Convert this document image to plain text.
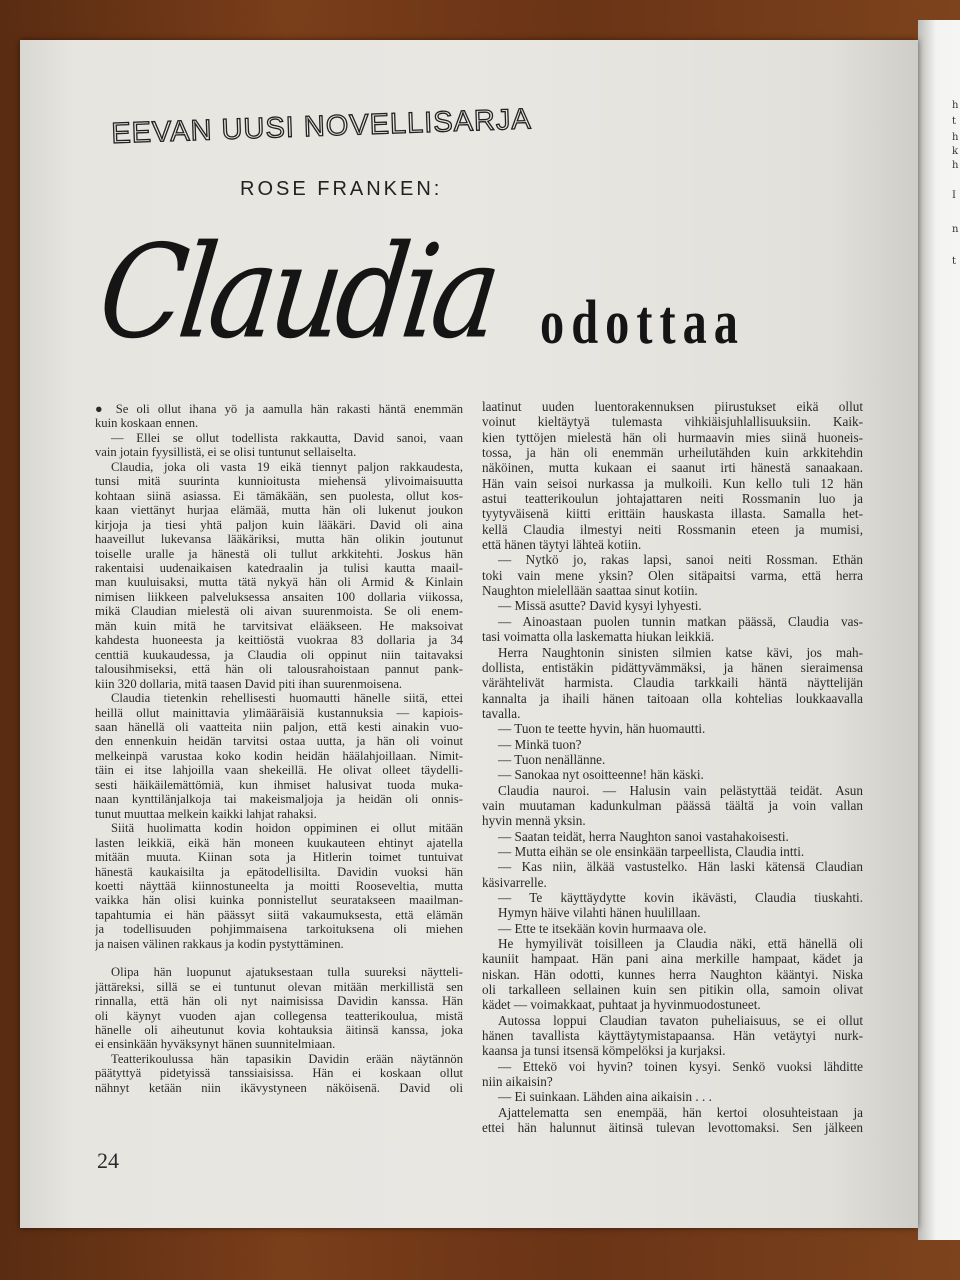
h
t
h
k
h
I
n
t
EEVAN UUSI NOVELLISARJA
ROSE FRANKEN:
Claudia odottaa
● Se oli ollut ihana yö ja aamulla hän rakasti häntä enemmän
kuin koskaan ennen.
— Ellei se ollut todellista rakkautta, David sanoi, vaan
vain jotain fyysillistä, ei se olisi tuntunut sellaiselta.
Claudia, joka oli vasta 19 eikä tiennyt paljon rakkaudesta,
tunsi mitä suurinta kunnioitusta miehensä ylivoimaisuutta
kohtaan siinä asiassa. Ei tämäkään, sen puolesta, ollut kos-
kaan viettänyt hurjaa elämää, mutta hän oli lukenut joukon
kirjoja ja tiesi yhtä paljon kuin lääkäri. David oli aina
haaveillut lukevansa lääkäriksi, mutta hän olikin joutunut
toiselle uralle ja hänestä oli tullut arkkitehti. Joskus hän
rakentaisi uudenaikaisen katedraalin ja tulisi kautta maail-
man kuuluisaksi, mutta tätä nykyä hän oli Armid & Kinlain
nimisen liikkeen palveluksessa ansaiten 100 dollaria viikossa,
mikä Claudian mielestä oli aivan suurenmoista. Se oli enem-
män kuin mitä he tarvitsivat elääkseen. He maksoivat
kahdesta huoneesta ja keittiöstä vuokraa 83 dollaria ja 34
centtiä kuukaudessa, ja Claudia oli oppinut niin taitavaksi
talousihmiseksi, että hän oli talousrahoistaan pannut pank-
kiin 320 dollaria, mitä taasen David piti ihan suurenmoisena.
Claudia tietenkin rehellisesti huomautti hänelle siitä, ettei
heillä ollut mainittavia ylimääräisiä kustannuksia — kapiois-
saan hänellä oli vaatteita niin paljon, että kesti ainakin vuo-
den ennenkuin heidän tarvitsi ostaa uutta, ja hän oli voinut
melkeinpä varustaa koko kodin heidän häälahjoillaan. Nimit-
täin ei itse lahjoilla vaan shekeillä. He olivat olleet täydelli-
sesti häikäilemättömiä, kun ihmiset halusivat tuoda muka-
naan kynttilänjalkoja tai makeismaljoja ja heidän oli onnis-
tunut muuttaa melkein kaikki lahjat rahaksi.
Siitä huolimatta kodin hoidon oppiminen ei ollut mitään
lasten leikkiä, eikä hän moneen kuukauteen ehtinyt ajatella
mitään muuta. Kiinan sota ja Hitlerin toimet tuntuivat
hänestä kaukaisilta ja epätodellisilta. Davidin vuoksi hän
koetti näyttää kiinnostuneelta ja moitti Rooseveltia, mutta
vaikka hän olisi kuinka ponnistellut seuratakseen maailman-
tapahtumia ei hän päässyt siitä vakaumuksesta, että elämän
ja todellisuuden pohjimmaisena tarkoituksena oli miehen
ja naisen välinen rakkaus ja kodin pystyttäminen.
Olipa hän luopunut ajatuksestaan tulla suureksi näytteli-
jättäreksi, sillä se ei tuntunut olevan mitään merkillistä sen
rinnalla, että hän oli nyt naimisissa Davidin kanssa. Hän
oli käynyt vuoden ajan collegensa teatterikoulua, mistä
hänelle oli aiheutunut kovia kohtauksia äitinsä kanssa, joka
ei ensinkään hyväksynyt hänen suunnitelmiaan.
Teatterikoulussa hän tapasikin Davidin erään näytännön
päätyttyä pidetyissä tanssiaisissa. Hän ei koskaan ollut
nähnyt ketään niin ikävystyneen näköisenä. David oli
laatinut uuden luentorakennuksen piirustukset eikä ollut
voinut kieltäytyä tulemasta vihkiäisjuhlallisuuksiin. Kaik-
kien tyttöjen mielestä hän oli hurmaavin mies siinä huoneis-
tossa, ja hän oli enemmän urheilutähden kuin arkkitehdin
näköinen, mutta kukaan ei saanut irti hänestä sanaakaan.
Hän vain seisoi nurkassa ja mulkoili. Kun kello tuli 12 hän
astui teatterikoulun johtajattaren neiti Rossmanin luo ja
tyytyväisenä kiitti erittäin hauskasta illasta. Samalla het-
kellä Claudia ilmestyi neiti Rossmanin eteen ja mumisi,
että hänen täytyi lähteä kotiin.
— Nytkö jo, rakas lapsi, sanoi neiti Rossman. Ethän
toki vain mene yksin? Olen sitäpaitsi varma, että herra
Naughton mielellään saattaa sinut kotiin.
— Missä asutte? David kysyi lyhyesti.
— Ainoastaan puolen tunnin matkan päässä, Claudia vas-
tasi voimatta olla laskematta hiukan leikkiä.
Herra Naughtonin sinisten silmien katse kävi, jos mah-
dollista, entistäkin pidättyvämmäksi, ja hänen sieraimensa
värähtelivät harmista. Claudia tarkkaili häntä näyttelijän
kannalta ja ihaili hänen taitoaan olla kohtelias loukkaavalla
tavalla.
— Tuon te teette hyvin, hän huomautti.
— Minkä tuon?
— Tuon nenällänne.
— Sanokaa nyt osoitteenne! hän käski.
Claudia nauroi. — Halusin vain pelästyttää teidät. Asun
vain muutaman kadunkulman päässä täältä ja voin vallan
hyvin mennä yksin.
— Saatan teidät, herra Naughton sanoi vastahakoisesti.
— Mutta eihän se ole ensinkään tarpeellista, Claudia intti.
— Kas niin, älkää vastustelko. Hän laski kätensä Claudian
käsivarrelle.
— Te käyttäydytte kovin ikävästi, Claudia tiuskahti.
Hymyn häive vilahti hänen huulillaan.
— Ette te itsekään kovin hurmaava ole.
He hymyilivät toisilleen ja Claudia näki, että hänellä oli
kauniit hampaat. Hän pani aina merkille hampaat, kädet ja
niskan. Hän odotti, kunnes herra Naughton kääntyi. Niska
oli tarkalleen sellainen kuin sen pitikin olla, samoin olivat
kädet — voimakkaat, puhtaat ja hyvinmuodostuneet.
Autossa loppui Claudian tavaton puheliaisuus, se ei ollut
hänen tavallista käyttäytymistapaansa. Hän vetäytyi nurk-
kaansa ja tunsi itsensä kömpelöksi ja kurjaksi.
— Ettekö voi hyvin? toinen kysyi. Senkö vuoksi lähditte
niin aikaisin?
— Ei suinkaan. Lähden aina aikaisin . . .
Ajattelematta sen enempää, hän kertoi olosuhteistaan ja
ettei hän halunnut äitinsä tulevan levottomaksi. Sen jälkeen
24
